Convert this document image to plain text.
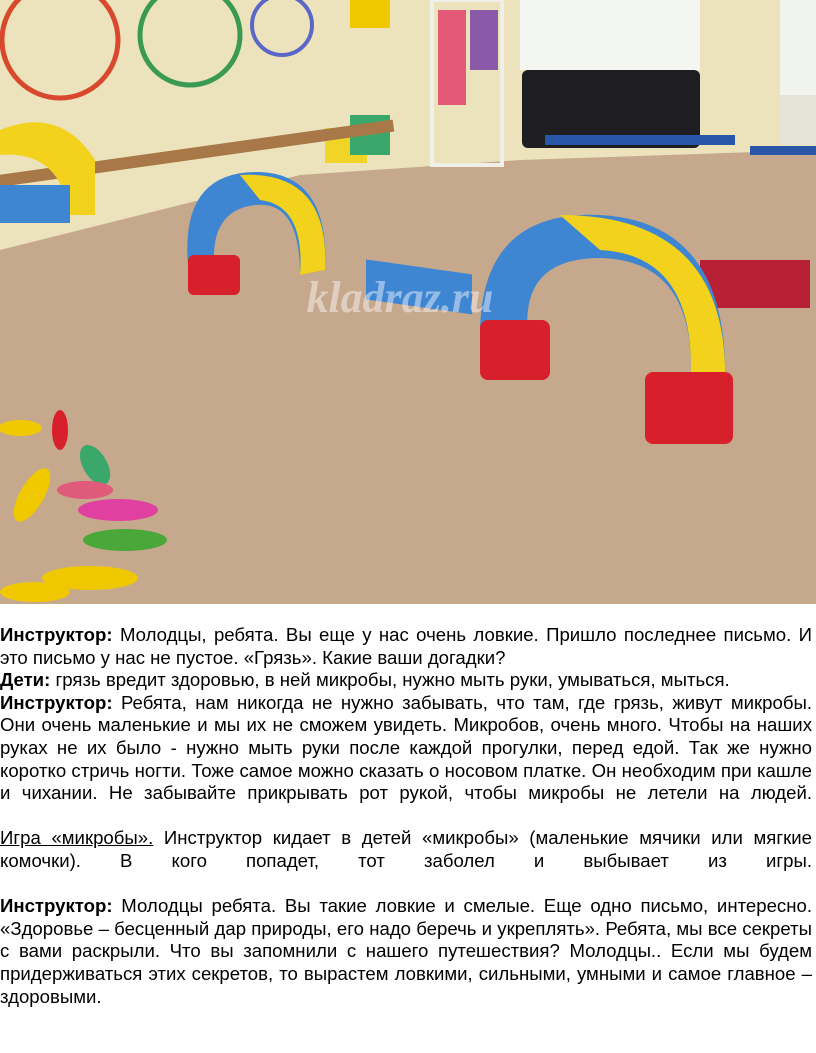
kladraz.ru

Инструктор: Молодцы, ребята. Вы еще у нас очень ловкие. Пришло последнее письмо. И это письмо у нас не пустое. «Грязь». Какие ваши догадки?

Дети: грязь вредит здоровью, в ней микробы, нужно мыть руки, умываться, мыться.

Инструктор: Ребята, нам никогда не нужно забывать, что там, где грязь, живут микробы. Они очень маленькие и мы их не сможем увидеть. Микробов, очень много. Чтобы на наших руках не их было - нужно мыть руки после каждой прогулки, перед едой. Так же нужно коротко стричь ногти. Тоже самое можно сказать о носовом платке. Он необходим при кашле и чихании. Не забывайте прикрывать рот рукой, чтобы микробы не летели на людей.

Игра «микробы». Инструктор кидает в детей «микробы» (маленькие мячики или мягкие комочки). В кого попадет, тот заболел и выбывает из игры.

Инструктор: Молодцы ребята. Вы такие ловкие и смелые. Еще одно письмо, интересно. «Здоровье – бесценный дар природы, его надо беречь и укреплять». Ребята, мы все секреты с вами раскрыли. Что вы запомнили с нашего путешествия? Молодцы.. Если мы будем придерживаться этих секретов, то вырастем ловкими, сильными, умными и самое главное – здоровыми.
